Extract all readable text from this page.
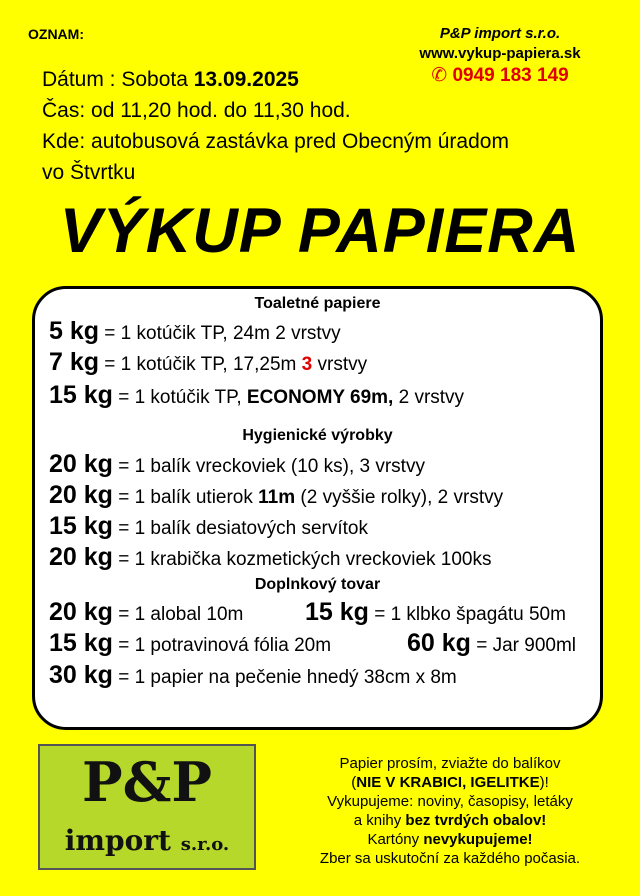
OZNAM:	P&P import s.r.o.
www.vykup-papiera.sk
✆ 0949 183 149
Dátum : Sobota 13.09.2025
Čas: od 11,20 hod. do 11,30 hod.
Kde: autobusová zastávka pred Obecným úradom
vo Štvrtku
VÝKUP PAPIERA
Toaletné papiere
5 kg = 1 kotúčik TP, 24m 2 vrstvy
7 kg = 1 kotúčik TP, 17,25m 3 vrstvy
15 kg = 1 kotúčik TP, ECONOMY 69m, 2 vrstvy
Hygienické výrobky
20 kg = 1 balík vreckoviek (10 ks), 3 vrstvy
20 kg = 1 balík utierok 11m (2 vyššie rolky), 2 vrstvy
15 kg = 1 balík desiatových servítok
20 kg = 1 krabička kozmetických vreckoviek 100ks
Doplnkový tovar
20 kg = 1 alobal 10m 15 kg = 1 klbko špagátu 50m
15 kg = 1 potravinová fólia 20m	60 kg = Jar 900ml
30 kg = 1 papier na pečenie hnedý 38cm x 8m
P&P
import s.r.o.
Papier prosím, zviažte do balíkov
(NIE V KRABICI, IGELITKE)!
Vykupujeme: noviny, časopisy, letáky
a knihy bez tvrdých obalov!
Kartóny nevykupujeme!
Zber sa uskutoční za každého počasia.
